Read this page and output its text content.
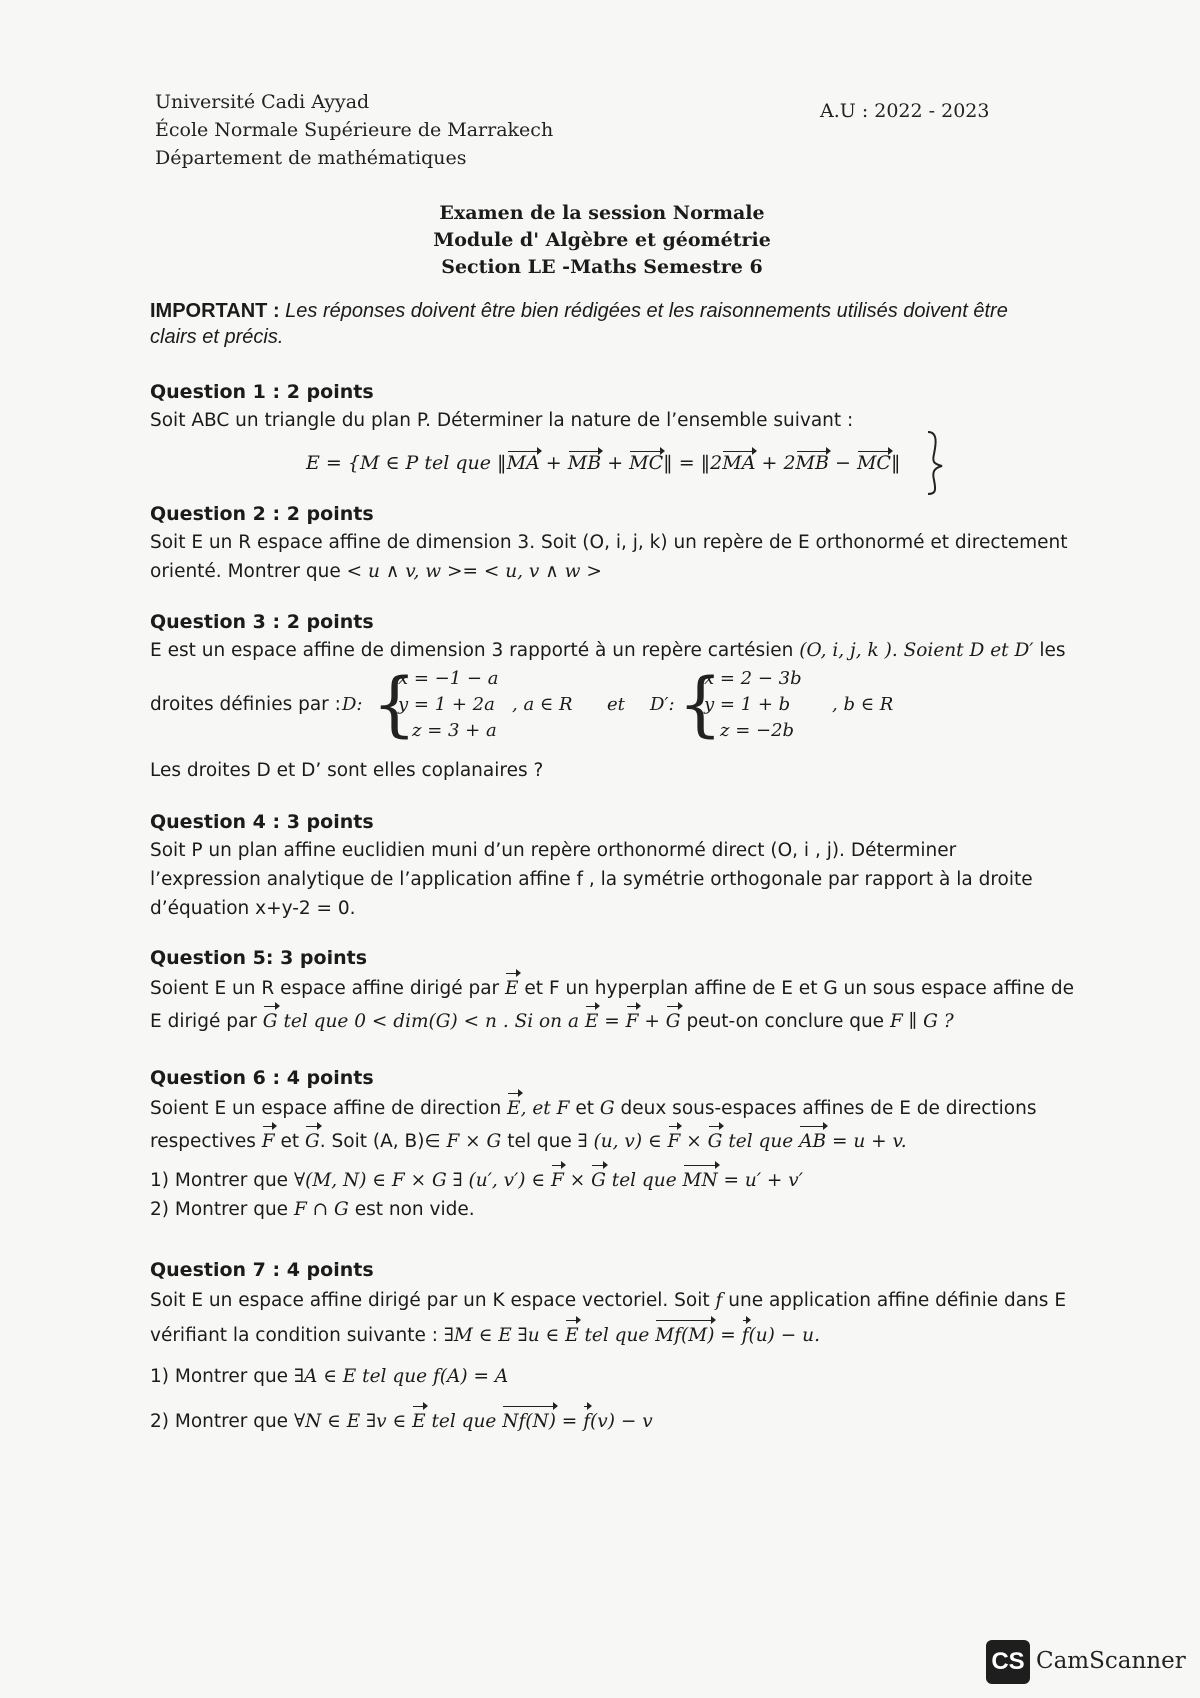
Université Cadi Ayyad
École Normale Supérieure de Marrakech
Département de mathématiques
A.U : 2022 - 2023
Examen de la session Normale
Module d' Algèbre et géométrie
Section LE -Maths Semestre 6
IMPORTANT : Les réponses doivent être bien rédigées et les raisonnements utilisés doivent être clairs et précis.
Question 1 : 2 points

Soit ABC un triangle du plan P. Déterminer la nature de l’ensemble suivant :

E = {M ∈ P tel que ‖MA + MB + MC‖ = ‖2MA + 2MB − MC‖
Question 2 : 2 points

Soit E un R espace affine de dimension 3. Soit (O, i, j, k) un repère de E orthonormé et directement

orienté. Montrer que < u ∧ v, w >= < u, v ∧ w >

Question 3 : 2 points

E est un espace affine de dimension 3 rapporté à un repère cartésien (O, i, j, k ). Soient D et D′ les

droites définies par : D: {
x = −1 − a
y = 1 + 2a
z = 3 + a
, a ∈ R et D′: {
x = 2 − 3b
y = 1 + b
z = −2b
, b ∈ R

Les droites D et D’ sont elles coplanaires ?

Question 4 : 3 points

Soit P un plan affine euclidien muni d’un repère orthonormé direct (O, i , j). Déterminer

l’expression analytique de l’application affine f , la symétrie orthogonale par rapport à la droite

d’équation x+y-2 = 0.

Question 5: 3 points

Soient E un R espace affine dirigé par E et F un hyperplan affine de E et G un sous espace affine de

E dirigé par G tel que 0 < dim(G) < n . Si on a E = F + G peut-on conclure que F ∥ G ?

Question 6 : 4 points

Soient E un espace affine de direction E, et F et G deux sous-espaces affines de E de directions

respectives F et G. Soit (A, B)∈ F × G tel que ∃ (u, v) ∈ F × G tel que AB = u + v.

1) Montrer que ∀(M, N) ∈ F × G ∃ (u′, v′) ∈ F × G tel que MN = u′ + v′

2) Montrer que F ∩ G est non vide.

Question 7 : 4 points

Soit E un espace affine dirigé par un K espace vectoriel. Soit f une application affine définie dans E

vérifiant la condition suivante : ∃M ∈ E ∃u ∈ E tel que Mf(M) = f(u) − u.

1) Montrer que ∃A ∈ E tel que f(A) = A

2) Montrer que ∀N ∈ E ∃v ∈ E tel que Nf(N) = f(v) − v

CS CamScanner
